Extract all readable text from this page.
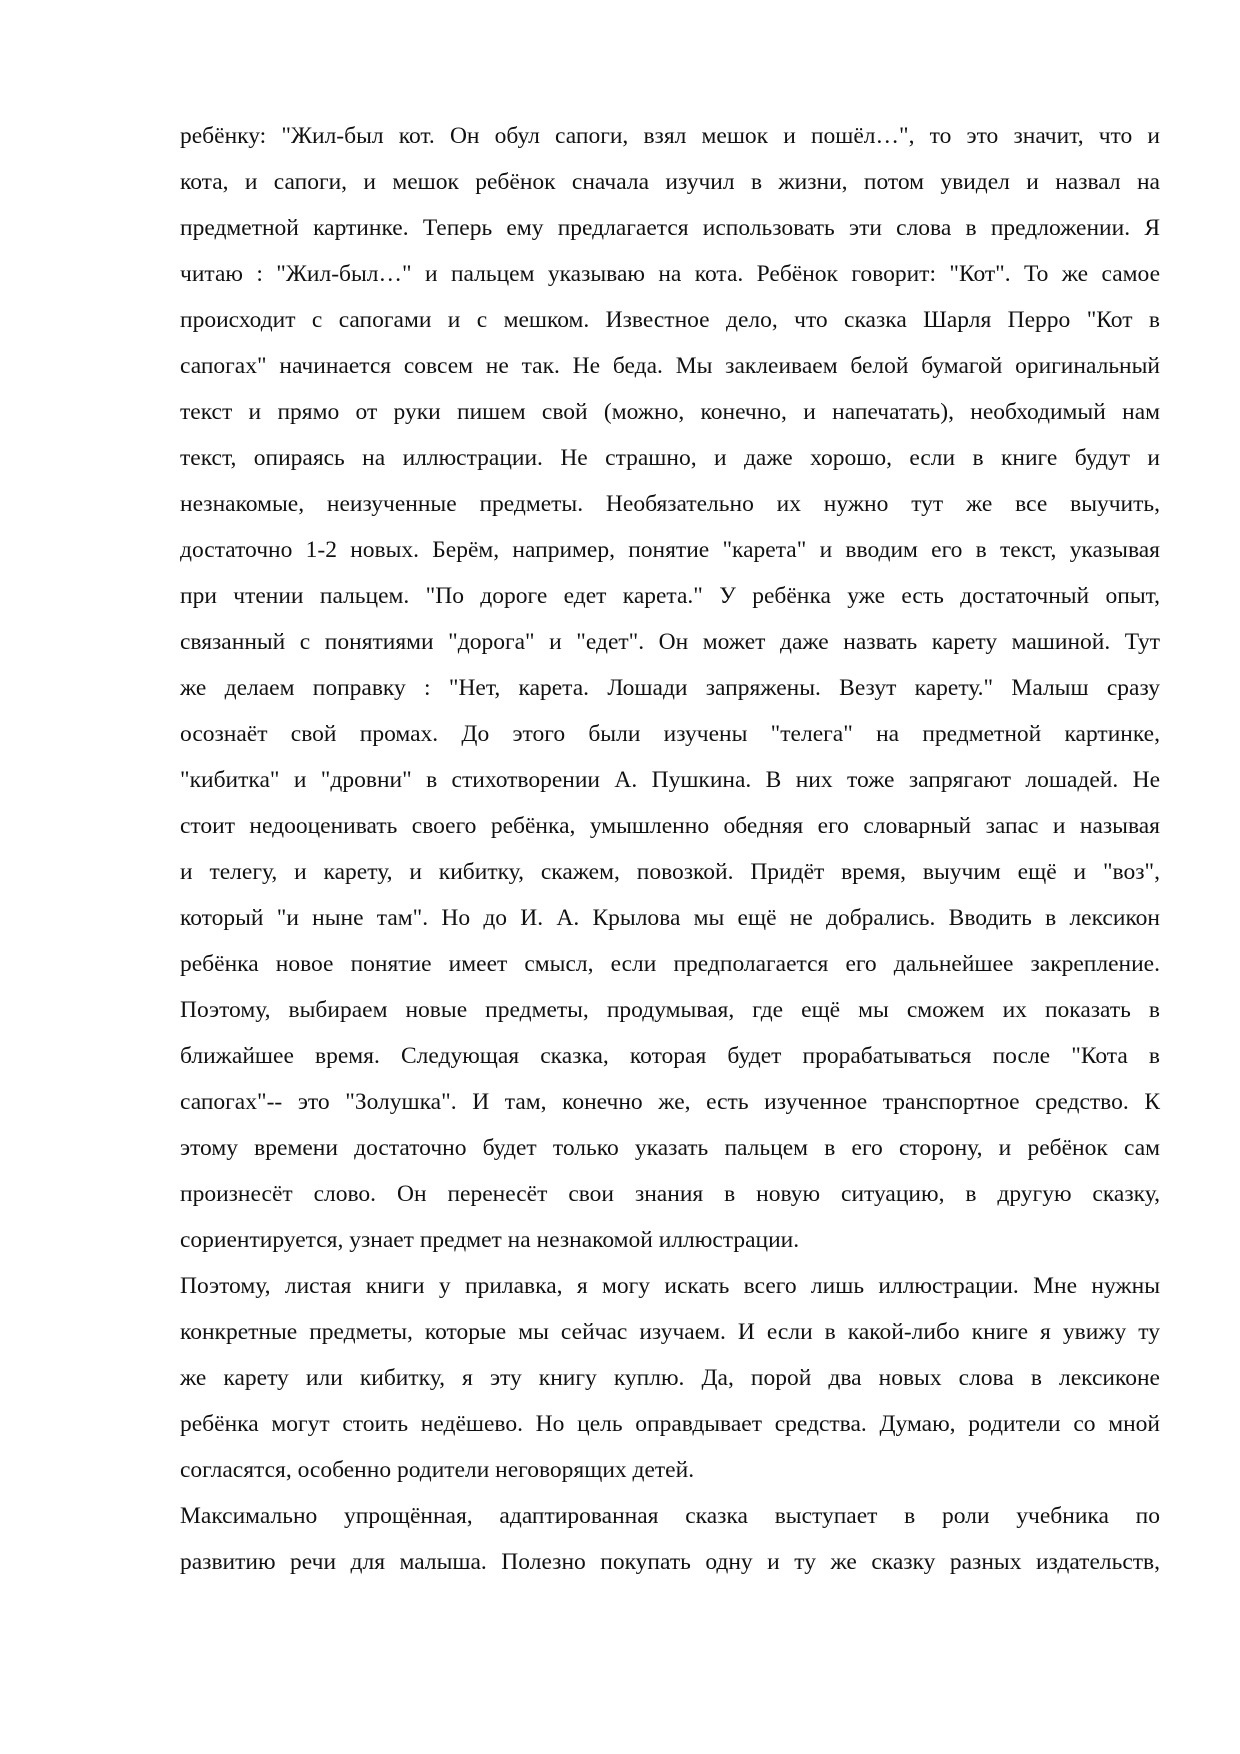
ребёнку: "Жил-был кот. Он обул сапоги, взял мешок и пошёл…", то это значит, что и
кота, и сапоги, и мешок ребёнок сначала изучил в жизни, потом увидел и назвал на
предметной картинке. Теперь ему предлагается использовать эти слова в предложении. Я
читаю : "Жил-был…" и пальцем указываю на кота. Ребёнок говорит: "Кот". То же самое
происходит с сапогами и с мешком. Известное дело, что сказка Шарля Перро "Кот в
сапогах" начинается совсем не так. Не беда. Мы заклеиваем белой бумагой оригинальный
текст и прямо от руки пишем свой (можно, конечно, и напечатать), необходимый нам
текст, опираясь на иллюстрации. Не страшно, и даже хорошо, если в книге будут и
незнакомые, неизученные предметы. Необязательно их нужно тут же все выучить,
достаточно 1-2 новых. Берём, например, понятие "карета" и вводим его в текст, указывая
при чтении пальцем. "По дороге едет карета." У ребёнка уже есть достаточный опыт,
связанный с понятиями "дорога" и "едет". Он может даже назвать карету машиной. Тут
же делаем поправку : "Нет, карета. Лошади запряжены. Везут карету." Малыш сразу
осознаёт свой промах. До этого были изучены "телега" на предметной картинке,
"кибитка" и "дровни" в стихотворении А. Пушкина. В них тоже запрягают лошадей. Не
стоит недооценивать своего ребёнка, умышленно обедняя его словарный запас и называя
и телегу, и карету, и кибитку, скажем, повозкой. Придёт время, выучим ещё и "воз",
который "и ныне там". Но до И. А. Крылова мы ещё не добрались. Вводить в лексикон
ребёнка новое понятие имеет смысл, если предполагается его дальнейшее закрепление.
Поэтому, выбираем новые предметы, продумывая, где ещё мы сможем их показать в
ближайшее время. Следующая сказка, которая будет прорабатываться после "Кота в
сапогах"-- это "Золушка". И там, конечно же, есть изученное транспортное средство. К
этому времени достаточно будет только указать пальцем в его сторону, и ребёнок сам
произнесёт слово. Он перенесёт свои знания в новую ситуацию, в другую сказку,
сориентируется, узнает предмет на незнакомой иллюстрации.
Поэтому, листая книги у прилавка, я могу искать всего лишь иллюстрации. Мне нужны
конкретные предметы, которые мы сейчас изучаем. И если в какой-либо книге я увижу ту
же карету или кибитку, я эту книгу куплю. Да, порой два новых слова в лексиконе
ребёнка могут стоить недёшево. Но цель оправдывает средства. Думаю, родители со мной
согласятся, особенно родители неговорящих детей.
Максимально упрощённая, адаптированная сказка выступает в роли учебника по
развитию речи для малыша. Полезно покупать одну и ту же сказку разных издательств,
